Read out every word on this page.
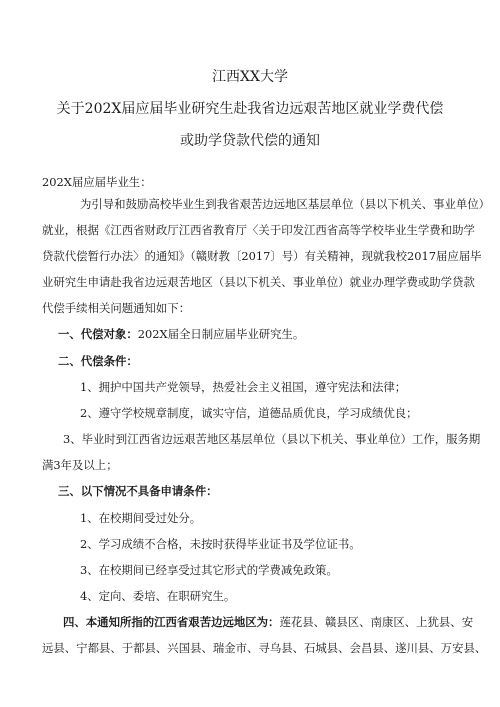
江西XX大学
关于202X届应届毕业研究生赴我省边远艰苦地区就业学费代偿
或助学贷款代偿的通知
202X届应届毕业生：
为引导和鼓励高校毕业生到我省艰苦边远地区基层单位（县以下机关、事业单位）
就业，根据《江西省财政厅江西省教育厅〈关于印发江西省高等学校毕业生学费和助学
贷款代偿暂行办法〉的通知》（赣财教〔2017〕号）有关精神，现就我校2017届应届毕
业研究生申请赴我省边远艰苦地区（县以下机关、事业单位）就业办理学费或助学贷款
代偿手续相关问题通知如下：
一、代偿对象：202X届全日制应届毕业研究生。
二、代偿条件：
1、拥护中国共产党领导，热爱社会主义祖国，遵守宪法和法律；
2、遵守学校规章制度，诚实守信，道德品质优良，学习成绩优良；
3、毕业时到江西省边远艰苦地区基层单位（县以下机关、事业单位）工作，服务期
满3年及以上；
三、以下情况不具备申请条件：
1、在校期间受过处分。
2、学习成绩不合格，未按时获得毕业证书及学位证书。
3、在校期间已经享受过其它形式的学费减免政策。
4、定向、委培、在职研究生。
四、本通知所指的江西省艰苦边远地区为：莲花县、赣县区、南康区、上犹县、安
远县、宁都县、于都县、兴国县、瑞金市、寻乌县、石城县、会昌县、遂川县、万安县、
